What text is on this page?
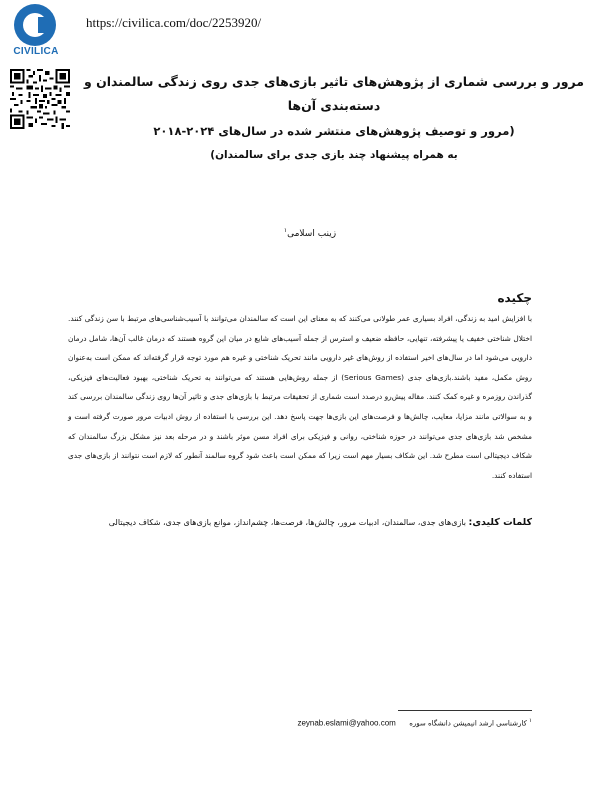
CIVILICA
https://civilica.com/doc/2253920/
مرور و بررسی شماری از پژوهش‌های تاثیر بازی‌های جدی روی زندگی سالمندان و دسته‌بندی آن‌ها
(مرور و توصیف پژوهش‌های منتشر شده در سال‌های ۲۰۲۴-۲۰۱۸
به همراه پیشنهاد چند بازی جدی برای سالمندان)
زینب اسلامی$^۱$
چکیده
با افزایش امید به زندگی، افراد بسیاری عمر طولانی می‌کنند که به معنای این است که سالمندان می‌توانند با آسیب‌شناسی‌های مرتبط با سن زندگی کنند. اختلال شناختی خفیف یا پیشرفته، تنهایی، حافظه ضعیف و استرس از جمله آسیب‌های شایع در میان این گروه هستند که درمان غالب آن‌ها، شامل درمان دارویی می‌شود اما در سال‌های اخیر استفاده از روش‌های غیر دارویی مانند تحریک شناختی و غیره هم مورد توجه قرار گرفته‌اند که ممکن است به‌عنوان روش مکمل، مفید باشند.بازی‌های جدی (Serious Games) از جمله روش‌هایی هستند که می‌توانند به تحریک شناختی، بهبود فعالیت‌های فیزیکی، گذراندن روزمره و غیره کمک کنند. مقاله پیش‌رو درصدد است شماری از تحقیقات مرتبط با بازی‌های جدی و تاثیر آن‌ها روی زندگی سالمندان بررسی کند و به سوالاتی مانند مزایا، معایب، چالش‌ها و فرصت‌های این بازی‌ها جهت پاسخ دهد. این بررسی با استفاده از روش ادبیات مرور صورت گرفته است و مشخص شد بازی‌های جدی می‌توانند در حوزه شناختی، روانی و فیزیکی برای افراد مسن موثر باشند و در مرحله بعد نیز مشکل بزرگ سالمندان که شکاف دیجیتالی است مطرح شد. این شکاف بسیار مهم است زیرا که ممکن است باعث شود گروه سالمند آنطور که لازم است نتوانند از بازی‌های جدی استفاده کنند.
کلمات کلیدی: بازی‌های جدی، سالمندان، ادبیات مرور، چالش‌ها، فرصت‌ها، چشم‌انداز، موانع بازی‌های جدی، شکاف دیجیتالی
$^۱$ کارشناسی ارشد انیمیشن دانشگاه سوره      zeynab.eslami@yahoo.com
